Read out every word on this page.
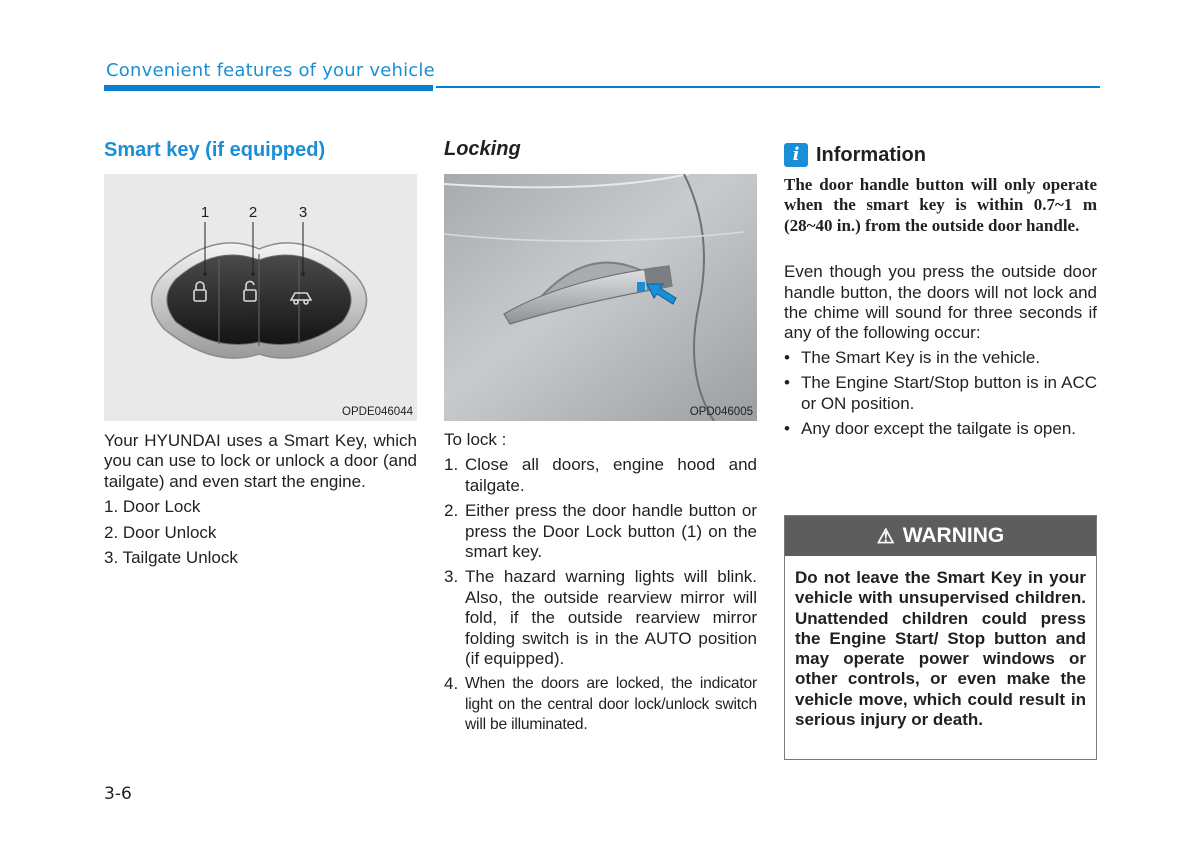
Convenient features of your vehicle
Smart key (if equipped)
1	2	3
OPDE046044
Your HYUNDAI uses a Smart Key, which you can use to lock or unlock a door (and tailgate) and even start the engine.
1. Door Lock
2. Door Unlock
3. Tailgate Unlock
Locking
OPD046005
To lock :
1. Close all doors, engine hood and tailgate.
2. Either press the door handle button or press the Door Lock button (1) on the smart key.
3. The hazard warning lights will blink. Also, the outside rearview mirror will fold, if the outside rearview mirror folding switch is in the AUTO position (if equipped).
4. When the doors are locked, the indicator light on the central door lock/unlock switch will be illuminated.
i Information
The door handle button will only operate when the smart key is within 0.7~1 m (28~40 in.) from the outside door handle.
Even though you press the outside door handle button, the doors will not lock and the chime will sound for three seconds if any of the following occur:
• The Smart Key is in the vehicle.
• The Engine Start/Stop button is in ACC or ON position.
• Any door except the tailgate is open.
⚠ WARNING
Do not leave the Smart Key in your vehicle with unsupervised children. Unattended children could press the Engine Start/ Stop button and may operate power windows or other controls, or even make the vehicle move, which could result in serious injury or death.
3-6
